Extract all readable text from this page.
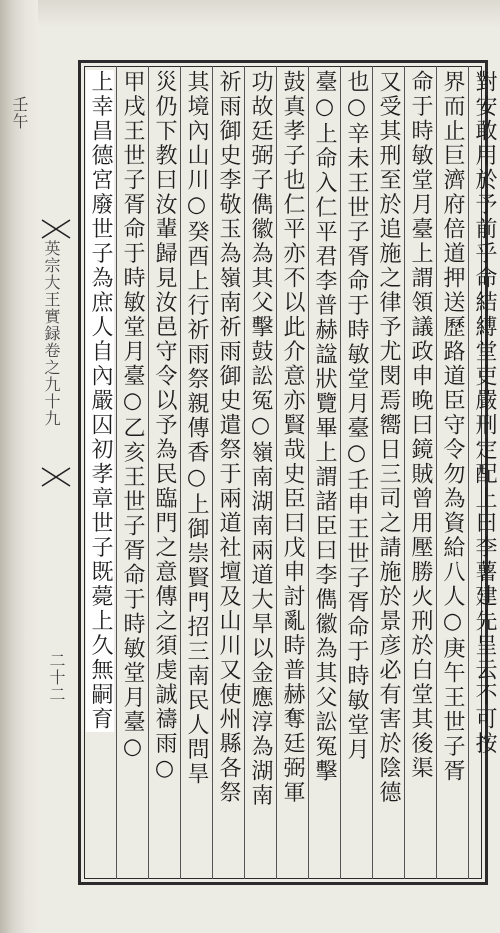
壬午
英宗大王實録卷之九十九
二十二	對安敢用於予前乎命結縛堂吏嚴刑定配上曰李薯建先呈云不可按
界而止巨濟府倍道押送歷路道臣守令勿為資給八人○庚午王世子胥
命于時敏堂月臺上謂領議政申晚曰鏡賊曾用壓勝火刑於白堂其後渠
又受其刑至於追施之律予尤閔焉嚮日三司之請施於景彦必有害於陰德
也○辛未王世子胥命于時敏堂月臺○壬申王世子胥命于時敏堂月
臺○上命入仁平君李普赫諡狀覽畢上謂諸臣曰李儁徽為其父訟冤擊
鼓真孝子也仁平亦不以此介意亦賢哉史臣曰戊申討亂時普赫奪廷弼軍
功故廷弼子儁徽為其父擊鼓訟冤○嶺南湖南兩道大旱以金應淳為湖南
祈雨御史李敬玉為嶺南祈雨御史遣祭于兩道社壇及山川又使州縣各祭
其境內山川○癸酉上行祈雨祭親傳香○上御崇賢門招三南民人問旱
災仍下教曰汝輩歸見汝邑守令以予為民臨門之意傳之須虔誠禱雨○
甲戌王世子胥命于時敏堂月臺○乙亥王世子胥命于時敏堂月臺○
上幸昌德宮廢世子為庶人自內嚴囚初孝章世子既薨上久無嗣育
